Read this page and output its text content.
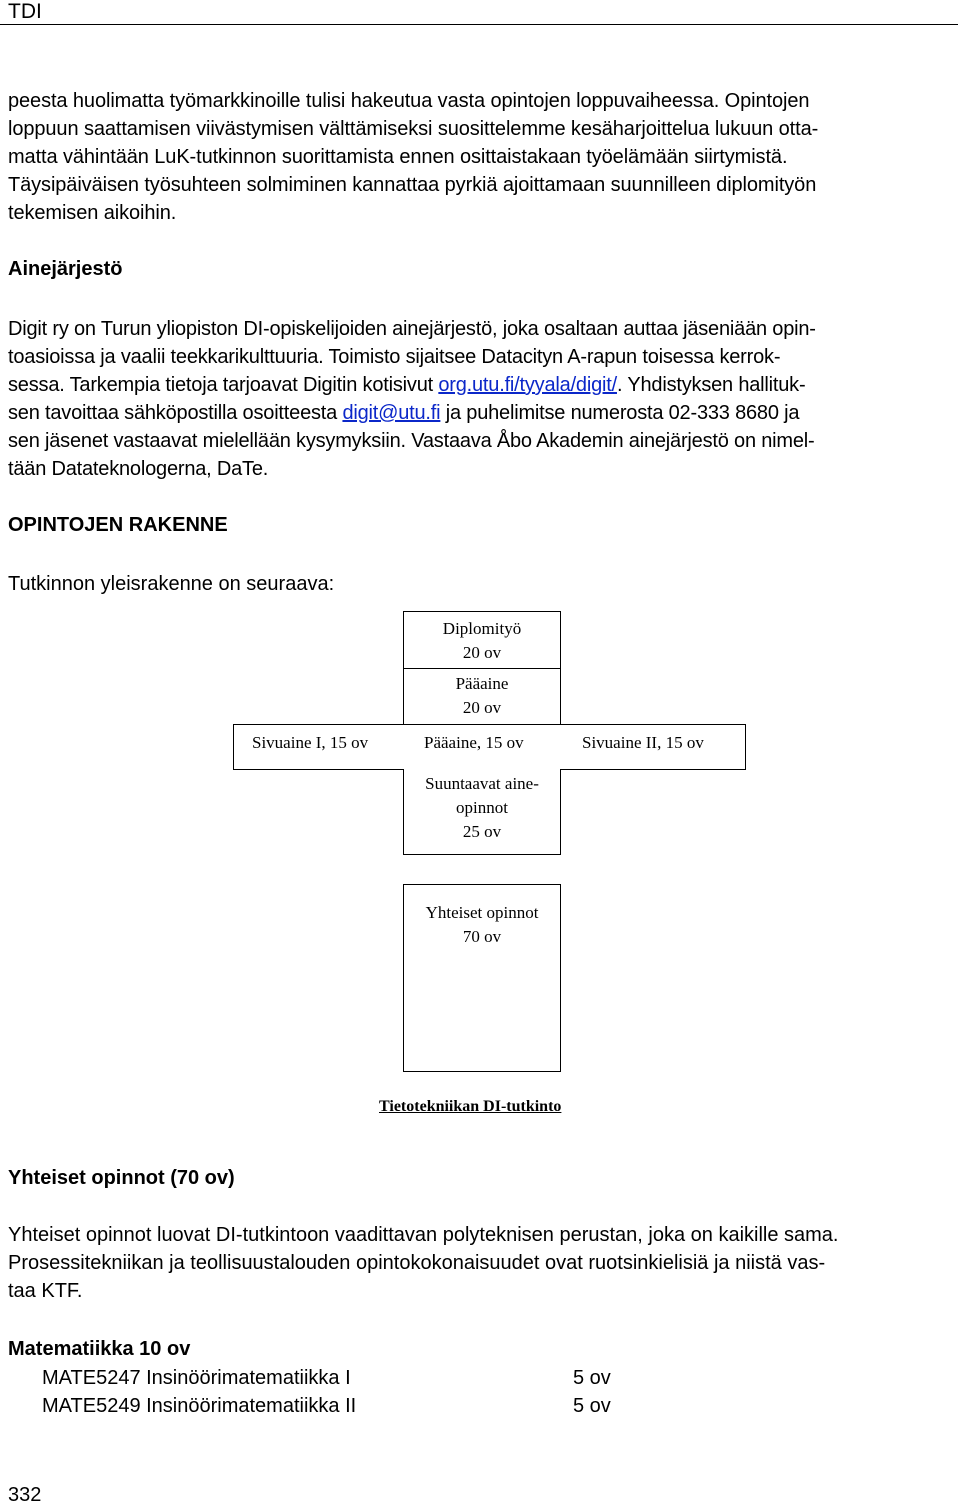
TDI

peesta huolimatta työmarkkinoille tulisi hakeutua vasta opintojen loppuvaiheessa. Opintojen
loppuun saattamisen viivästymisen välttämiseksi suosittelemme kesäharjoittelua lukuun otta-
matta vähintään LuK-tutkinnon suorittamista ennen osittaistakaan työelämään siirtymistä.
Täysipäiväisen työsuhteen solmiminen kannattaa pyrkiä ajoittamaan suunnilleen diplomityön
tekemisen aikoihin.

Ainejärjestö

Digit ry on Turun yliopiston DI-opiskelijoiden ainejärjestö, joka osaltaan auttaa jäseniään opin-
toasioissa ja vaalii teekkarikulttuuria. Toimisto sijaitsee Datacityn A-rapun toisessa kerrok-
sessa. Tarkempia tietoja tarjoavat Digitin kotisivut org.utu.fi/tyyala/digit/. Yhdistyksen hallituk-
sen tavoittaa sähköpostilla osoitteesta digit@utu.fi ja puhelimitse numerosta 02-333 8680 ja
sen jäsenet vastaavat mielellään kysymyksiin. Vastaava Åbo Akademin ainejärjestö on nimel-
tään Datateknologerna, DaTe.

OPINTOJEN RAKENNE

Tutkinnon yleisrakenne on seuraava:

Diplomityö
20 ov
Pääaine
20 ov
Sivuaine I, 15 ov	Pääaine, 15 ov	Sivuaine II, 15 ov
Suuntaavat aine-
opinnot
25 ov
Yhteiset opinnot
70 ov
Tietotekniikan DI-tutkinto
Yhteiset opinnot (70 ov)

Yhteiset opinnot luovat DI-tutkintoon vaadittavan polyteknisen perustan, joka on kaikille sama.
Prosessitekniikan ja teollisuustalouden opintokokonaisuudet ovat ruotsinkielisiä ja niistä vas-
taa KTF.

Matematiikka 10 ov
MATE5247 Insinöörimatematiikka I	5 ov
MATE5249 Insinöörimatematiikka II	5 ov
332
